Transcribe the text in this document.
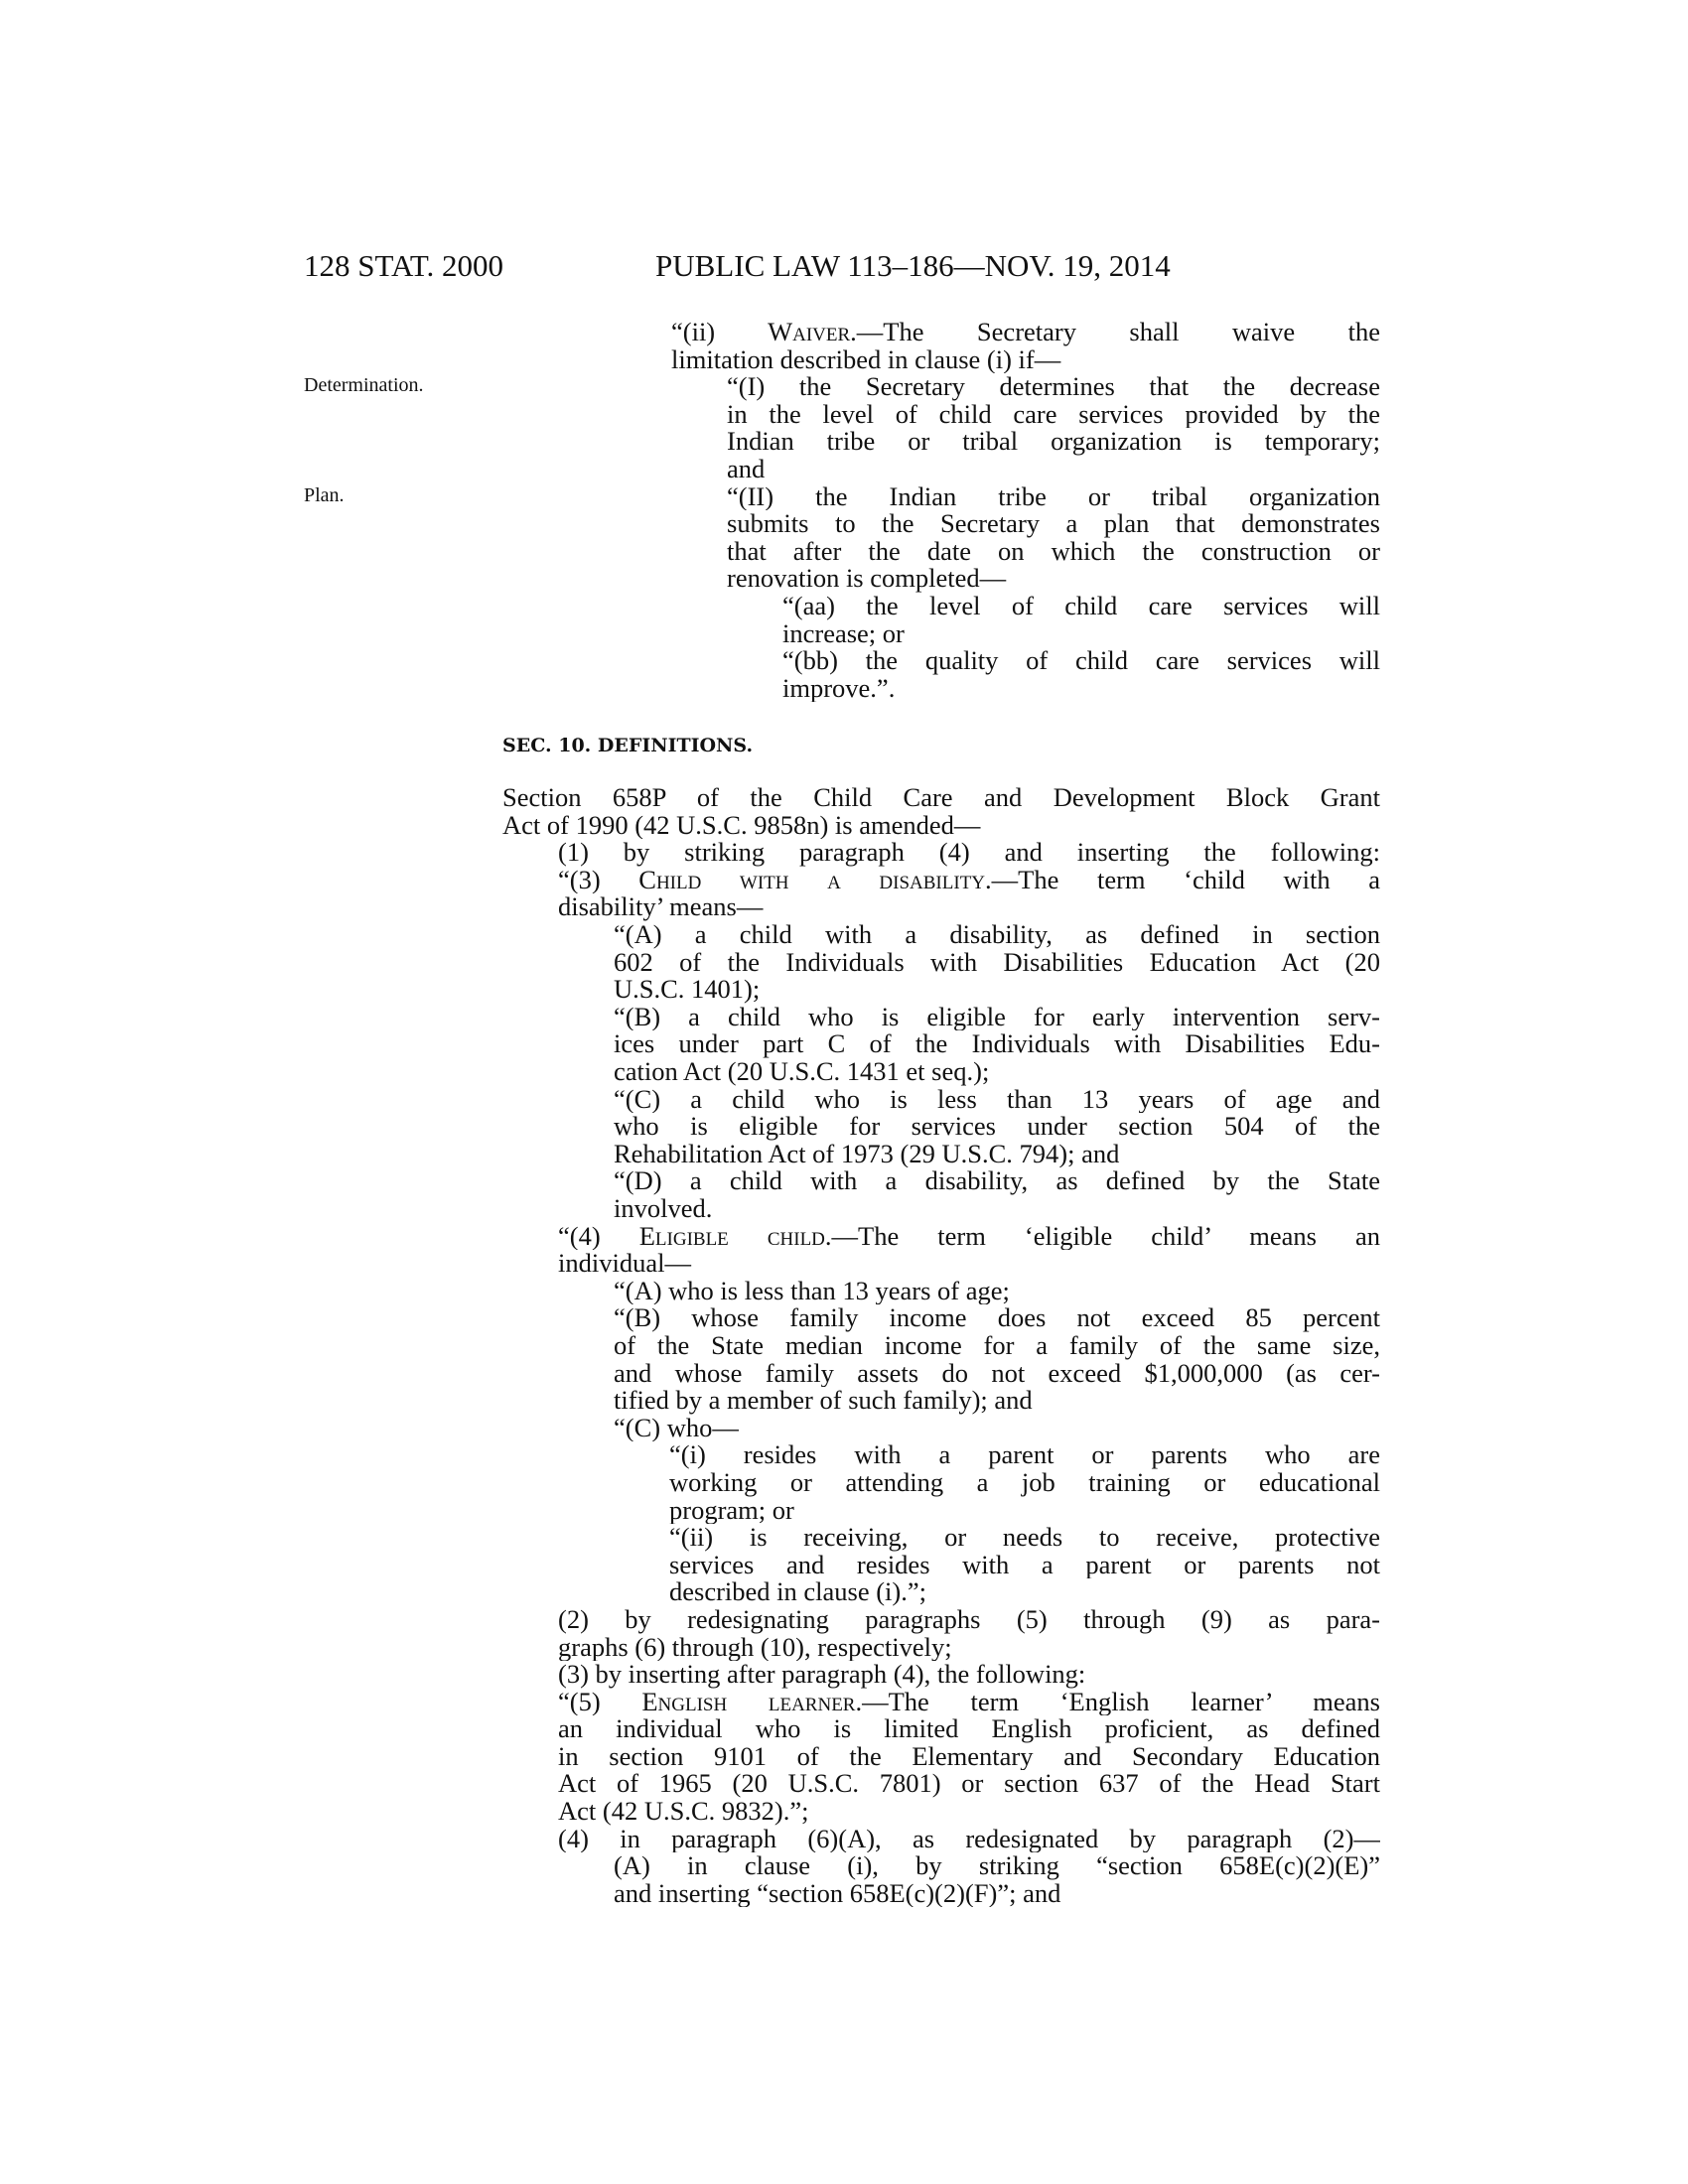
128 STAT. 2000	PUBLIC LAW 113–186—NOV. 19, 2014
Determination.
Plan.
“(ii) Waiver.—The Secretary shall waive the
limitation described in clause (i) if—
“(I) the Secretary determines that the decrease
in the level of child care services provided by the
Indian tribe or tribal organization is temporary;
and
“(II) the Indian tribe or tribal organization
submits to the Secretary a plan that demonstrates
that after the date on which the construction or
renovation is completed—
“(aa) the level of child care services will
increase; or
“(bb) the quality of child care services will
improve.”.
SEC. 10. DEFINITIONS.
Section 658P of the Child Care and Development Block Grant
Act of 1990 (42 U.S.C. 9858n) is amended—
(1) by striking paragraph (4) and inserting the following:
“(3) Child with a disability.—The term ‘child with a
disability’ means—
“(A) a child with a disability, as defined in section
602 of the Individuals with Disabilities Education Act (20
U.S.C. 1401);
“(B) a child who is eligible for early intervention serv-
ices under part C of the Individuals with Disabilities Edu-
cation Act (20 U.S.C. 1431 et seq.);
“(C) a child who is less than 13 years of age and
who is eligible for services under section 504 of the
Rehabilitation Act of 1973 (29 U.S.C. 794); and
“(D) a child with a disability, as defined by the State
involved.
“(4) Eligible child.—The term ‘eligible child’ means an
individual—
“(A) who is less than 13 years of age;
“(B) whose family income does not exceed 85 percent
of the State median income for a family of the same size,
and whose family assets do not exceed $1,000,000 (as cer-
tified by a member of such family); and
“(C) who—
“(i) resides with a parent or parents who are
working or attending a job training or educational
program; or
“(ii) is receiving, or needs to receive, protective
services and resides with a parent or parents not
described in clause (i).”;
(2) by redesignating paragraphs (5) through (9) as para-
graphs (6) through (10), respectively;
(3) by inserting after paragraph (4), the following:
“(5) English learner.—The term ‘English learner’ means
an individual who is limited English proficient, as defined
in section 9101 of the Elementary and Secondary Education
Act of 1965 (20 U.S.C. 7801) or section 637 of the Head Start
Act (42 U.S.C. 9832).”;
(4) in paragraph (6)(A), as redesignated by paragraph (2)—
(A) in clause (i), by striking “section 658E(c)(2)(E)”
and inserting “section 658E(c)(2)(F)”; and
